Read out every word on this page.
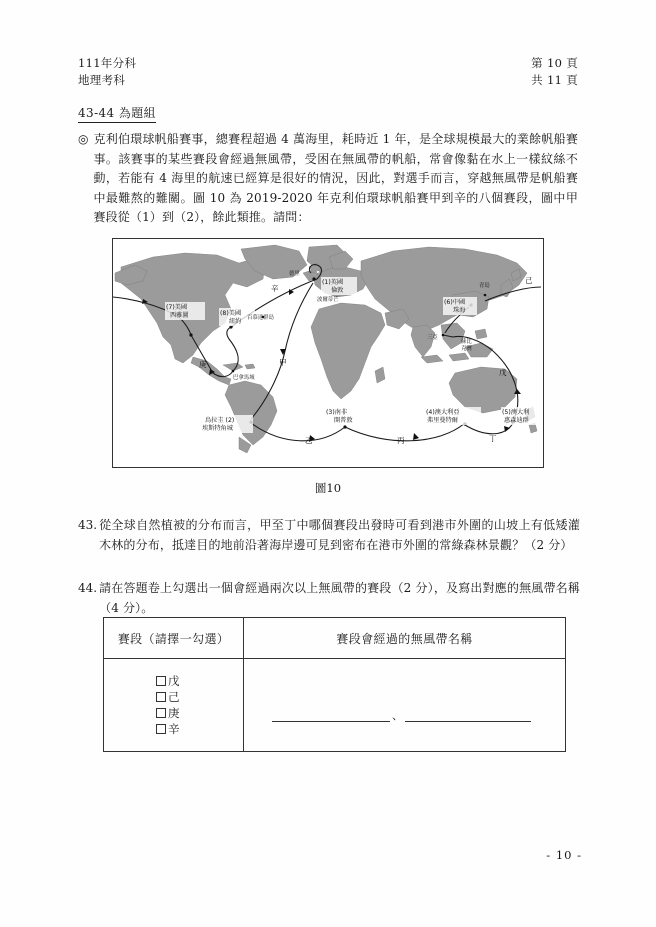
111年分科
地理考科
第 10 頁
共 11 頁
43-44 為題組
◎ 克利伯環球帆船賽事，總賽程超過 4 萬海里，耗時近 1 年，是全球規模最大的業餘帆船賽事。該賽事的某些賽段會經過無風帶，受困在無風帶的帆船，常會像黏在水上一樣紋絲不動，若能有 4 海里的航速已經算是很好的情況，因此，對選手而言，穿越無風帶是帆船賽中最難熬的難關。圖 10 為 2019-2020 年克利伯環球帆船賽甲到辛的八個賽段，圖中甲賽段從（1）到（2），餘此類推。請問：
(7)美國
西雅圖	(8)美國
紐約
(1)英國
倫敦
(6)中國
珠海
烏拉圭 (2)
埃斯特角城
(3)南非
開普敦
(4)澳大利亞
弗里曼特爾
(5)澳大利
惠森迪群
德里
波爾蒂芒
百慕達群島
巴拿馬城
青島
三亞
蘇比
克灣
甲
乙	丙	丁
戊
己
庚
辛
圖10
43. 從全球自然植被的分布而言，甲至丁中哪個賽段出發時可看到港市外圍的山坡上有低矮灌木林的分布，抵達目的地前沿著海岸邊可見到密布在港市外圍的常綠森林景觀？（2 分）
44. 請在答題卷上勾選出一個會經過兩次以上無風帶的賽段（2 分），及寫出對應的無風帶名稱（4 分）。
賽段（請擇一勾選）	賽段會經過的無風帶名稱

戊
己
庚
辛

、
- 10 -
